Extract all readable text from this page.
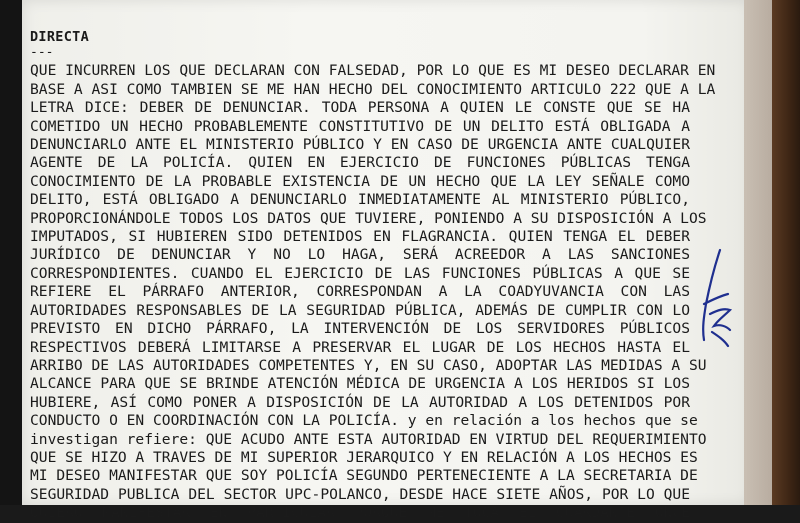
DIRECTA
---
QUE INCURREN LOS QUE DECLARAN CON FALSEDAD, POR LO QUE ES MI DESEO DECLARAR EN
BASE A ASI COMO TAMBIEN SE ME HAN HECHO DEL CONOCIMIENTO ARTICULO 222 QUE A LA
LETRA DICE: DEBER DE DENUNCIAR. TODA PERSONA A QUIEN LE CONSTE QUE SE HA
COMETIDO UN HECHO PROBABLEMENTE CONSTITUTIVO DE UN DELITO ESTÁ OBLIGADA A
DENUNCIARLO ANTE EL MINISTERIO PÚBLICO Y EN CASO DE URGENCIA ANTE CUALQUIER
AGENTE DE LA POLICÍA. QUIEN EN EJERCICIO DE FUNCIONES PÚBLICAS TENGA
CONOCIMIENTO DE LA PROBABLE EXISTENCIA DE UN HECHO QUE LA LEY SEÑALE COMO
DELITO, ESTÁ OBLIGADO A DENUNCIARLO INMEDIATAMENTE AL MINISTERIO PÚBLICO,
PROPORCIONÁNDOLE TODOS LOS DATOS QUE TUVIERE, PONIENDO A SU DISPOSICIÓN A LOS
IMPUTADOS, SI HUBIEREN SIDO DETENIDOS EN FLAGRANCIA. QUIEN TENGA EL DEBER
JURÍDICO DE DENUNCIAR Y NO LO HAGA, SERÁ ACREEDOR A LAS SANCIONES
CORRESPONDIENTES. CUANDO EL EJERCICIO DE LAS FUNCIONES PÚBLICAS A QUE SE
REFIERE EL PÁRRAFO ANTERIOR, CORRESPONDAN A LA COADYUVANCIA CON LAS
AUTORIDADES RESPONSABLES DE LA SEGURIDAD PÚBLICA, ADEMÁS DE CUMPLIR CON LO
PREVISTO EN DICHO PÁRRAFO, LA INTERVENCIÓN DE LOS SERVIDORES PÚBLICOS
RESPECTIVOS DEBERÁ LIMITARSE A PRESERVAR EL LUGAR DE LOS HECHOS HASTA EL
ARRIBO DE LAS AUTORIDADES COMPETENTES Y, EN SU CASO, ADOPTAR LAS MEDIDAS A SU
ALCANCE PARA QUE SE BRINDE ATENCIÓN MÉDICA DE URGENCIA A LOS HERIDOS SI LOS
HUBIERE, ASÍ COMO PONER A DISPOSICIÓN DE LA AUTORIDAD A LOS DETENIDOS POR
CONDUCTO O EN COORDINACIÓN CON LA POLICÍA. y en relación a los hechos que se
investigan refiere: QUE ACUDO ANTE ESTA AUTORIDAD EN VIRTUD DEL REQUERIMIENTO
QUE SE HIZO A TRAVES DE MI SUPERIOR JERARQUICO Y EN RELACIÓN A LOS HECHOS ES
MI DESEO MANIFESTAR QUE SOY POLICÍA SEGUNDO PERTENECIENTE A LA SECRETARIA DE
SEGURIDAD PUBLICA DEL SECTOR UPC-POLANCO, DESDE HACE SIETE AÑOS, POR LO QUE
QUIERO MANIFESTAR EN PARTICULAR PORQUE ME TOCA EL GUARDANTE ONCE
